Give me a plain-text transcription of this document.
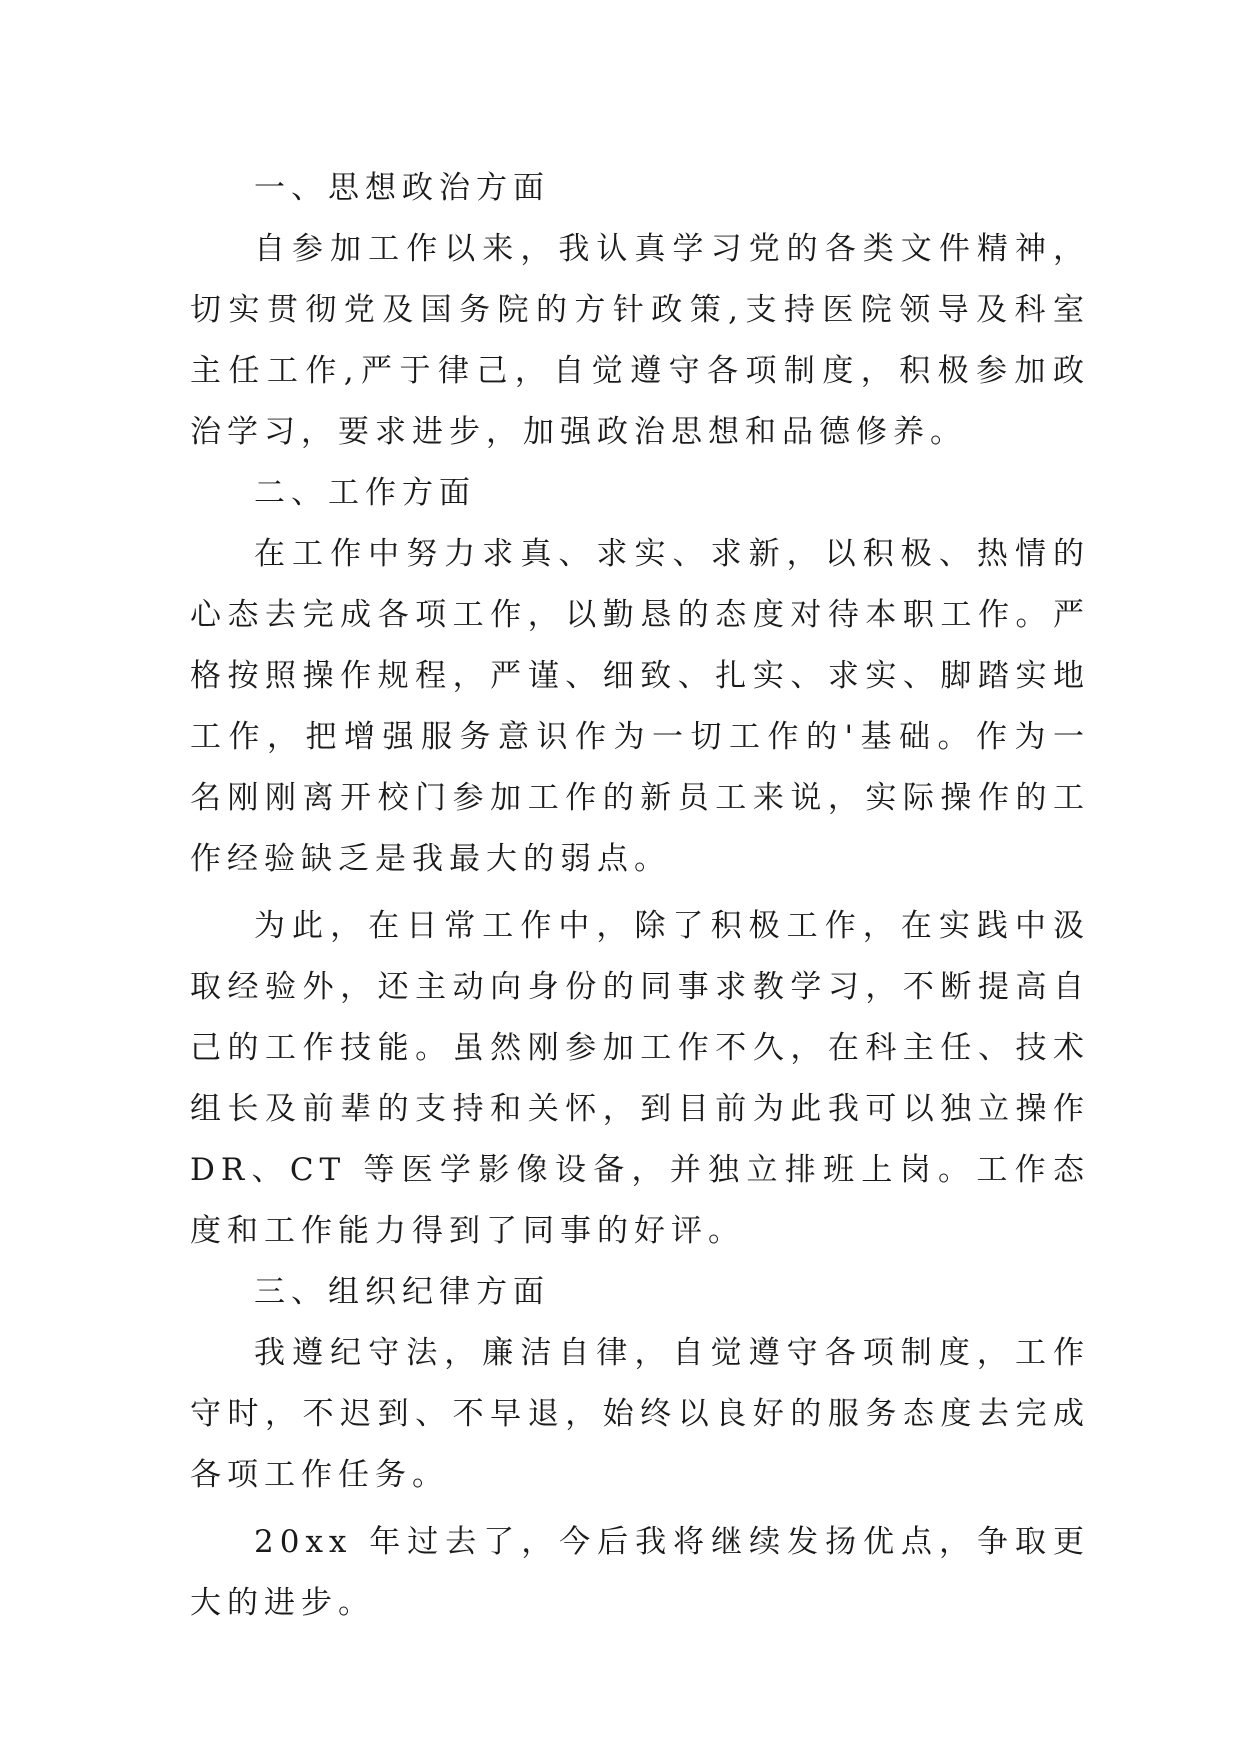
一、思想政治方面

自参加工作以来，我认真学习党的各类文件精神，切实贯彻党及国务院的方针政策,支持医院领导及科室主任工作,严于律己，自觉遵守各项制度，积极参加政治学习，要求进步，加强政治思想和品德修养。

二、工作方面

在工作中努力求真、求实、求新，以积极、热情的心态去完成各项工作，以勤恳的态度对待本职工作。严格按照操作规程，严谨、细致、扎实、求实、脚踏实地工作，把增强服务意识作为一切工作的'基础。作为一名刚刚离开校门参加工作的新员工来说，实际操作的工作经验缺乏是我最大的弱点。

为此，在日常工作中，除了积极工作，在实践中汲取经验外，还主动向身份的同事求教学习，不断提高自己的工作技能。虽然刚参加工作不久，在科主任、技术组长及前辈的支持和关怀，到目前为此我可以独立操作 DR、CT 等医学影像设备，并独立排班上岗。工作态度和工作能力得到了同事的好评。

三、组织纪律方面

我遵纪守法，廉洁自律，自觉遵守各项制度，工作守时，不迟到、不早退，始终以良好的服务态度去完成各项工作任务。

20xx 年过去了，今后我将继续发扬优点，争取更大的进步。
